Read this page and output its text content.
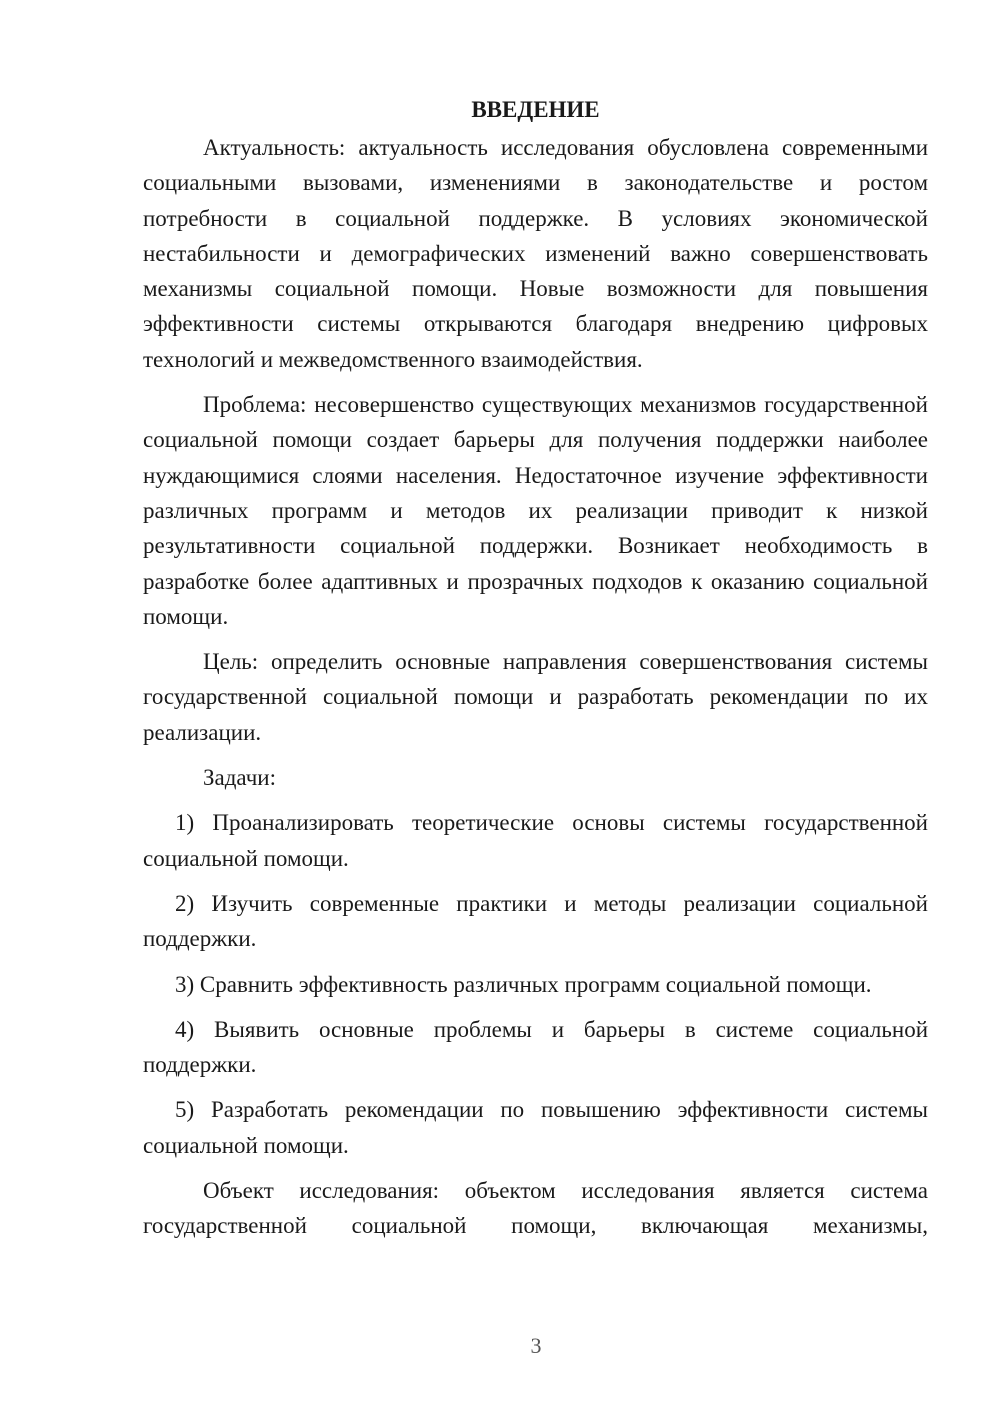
ВВЕДЕНИЕ

Актуальность: актуальность исследования обусловлена современными социальными вызовами, изменениями в законодательстве и ростом потребности в социальной поддержке. В условиях экономической нестабильности и демографических изменений важно совершенствовать механизмы социальной помощи. Новые возможности для повышения эффективности системы открываются благодаря внедрению цифровых технологий и межведомственного взаимодействия.

Проблема: несовершенство существующих механизмов государственной социальной помощи создает барьеры для получения поддержки наиболее нуждающимися слоями населения. Недостаточное изучение эффективности различных программ и методов их реализации приводит к низкой результативности социальной поддержки. Возникает необходимость в разработке более адаптивных и прозрачных подходов к оказанию социальной помощи.

Цель: определить основные направления совершенствования системы государственной социальной помощи и разработать рекомендации по их реализации.

Задачи:

1) Проанализировать теоретические основы системы государственной социальной помощи.

2) Изучить современные практики и методы реализации социальной поддержки.

3) Сравнить эффективность различных программ социальной помощи.

4) Выявить основные проблемы и барьеры в системе социальной поддержки.

5) Разработать рекомендации по повышению эффективности системы социальной помощи.

Объект исследования: объектом исследования является система государственной социальной помощи, включающая механизмы,

3
